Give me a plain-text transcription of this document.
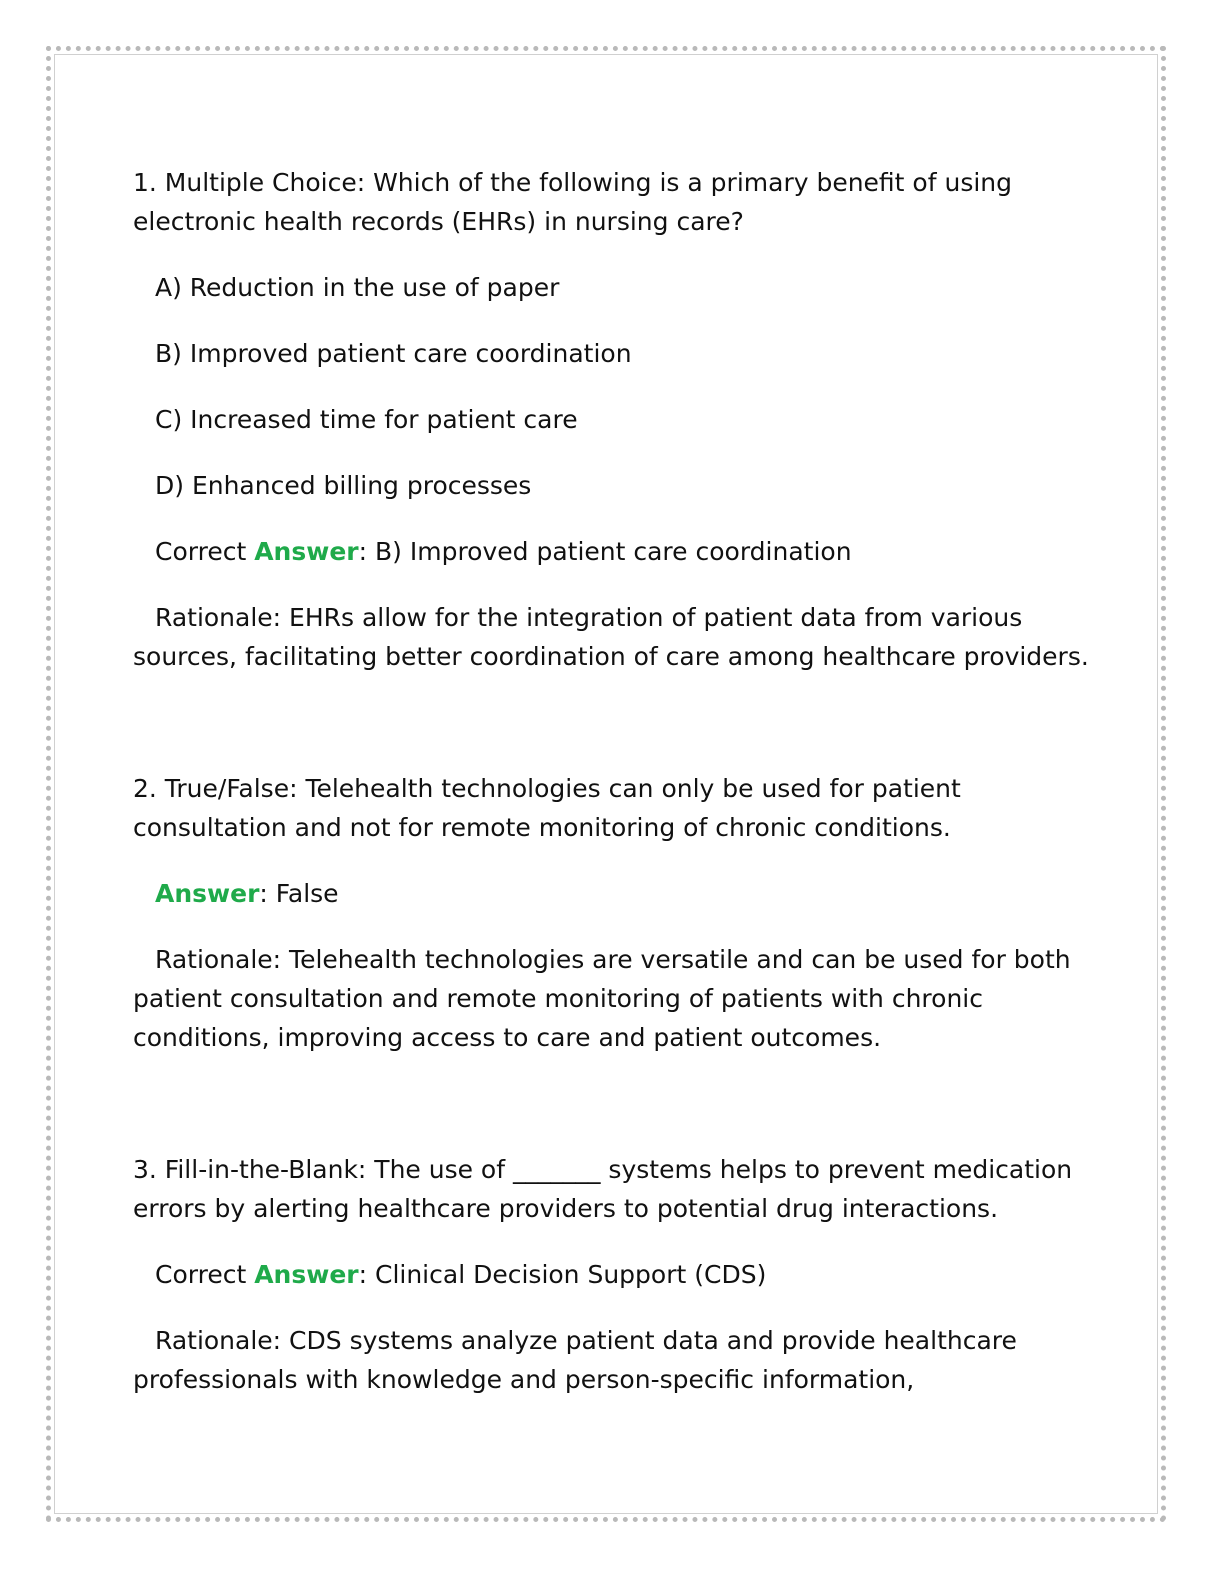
1. Multiple Choice: Which of the following is a primary benefit of using electronic health records (EHRs) in nursing care?

A) Reduction in the use of paper

B) Improved patient care coordination

C) Increased time for patient care

D) Enhanced billing processes

Correct Answer: B) Improved patient care coordination

Rationale: EHRs allow for the integration of patient data from various sources, facilitating better coordination of care among healthcare providers.

2. True/False: Telehealth technologies can only be used for patient consultation and not for remote monitoring of chronic conditions.

Answer: False

Rationale: Telehealth technologies are versatile and can be used for both patient consultation and remote monitoring of patients with chronic conditions, improving access to care and patient outcomes.

3. Fill-in-the-Blank: The use of _______ systems helps to prevent medication errors by alerting healthcare providers to potential drug interactions.

Correct Answer: Clinical Decision Support (CDS)

Rationale: CDS systems analyze patient data and provide healthcare professionals with knowledge and person-specific information,
